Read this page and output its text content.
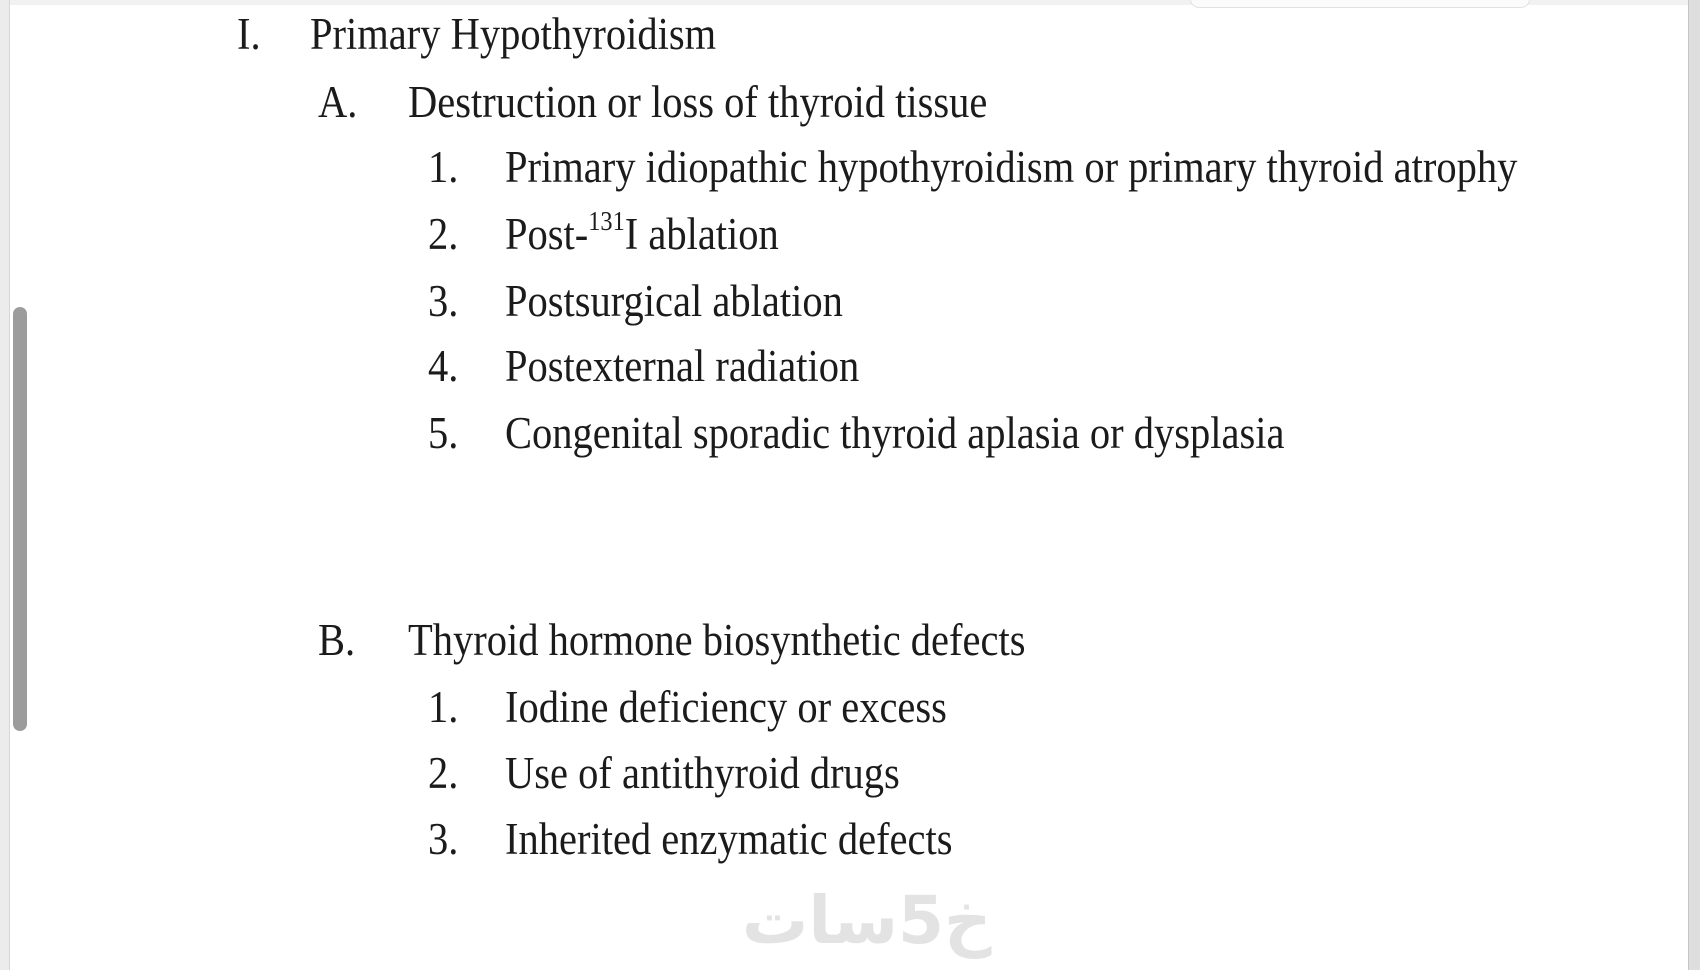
I. Primary Hypothyroidism
A. Destruction or loss of thyroid tissue
1. Primary idiopathic hypothyroidism or primary thyroid atrophy
2. Post-$^{131}$I ablation
3. Postsurgical ablation
4. Postexternal radiation
5. Congenital sporadic thyroid aplasia or dysplasia
B. Thyroid hormone biosynthetic defects
1. Iodine deficiency or excess
2. Use of antithyroid drugs
3. Inherited enzymatic defects
خ5سات
